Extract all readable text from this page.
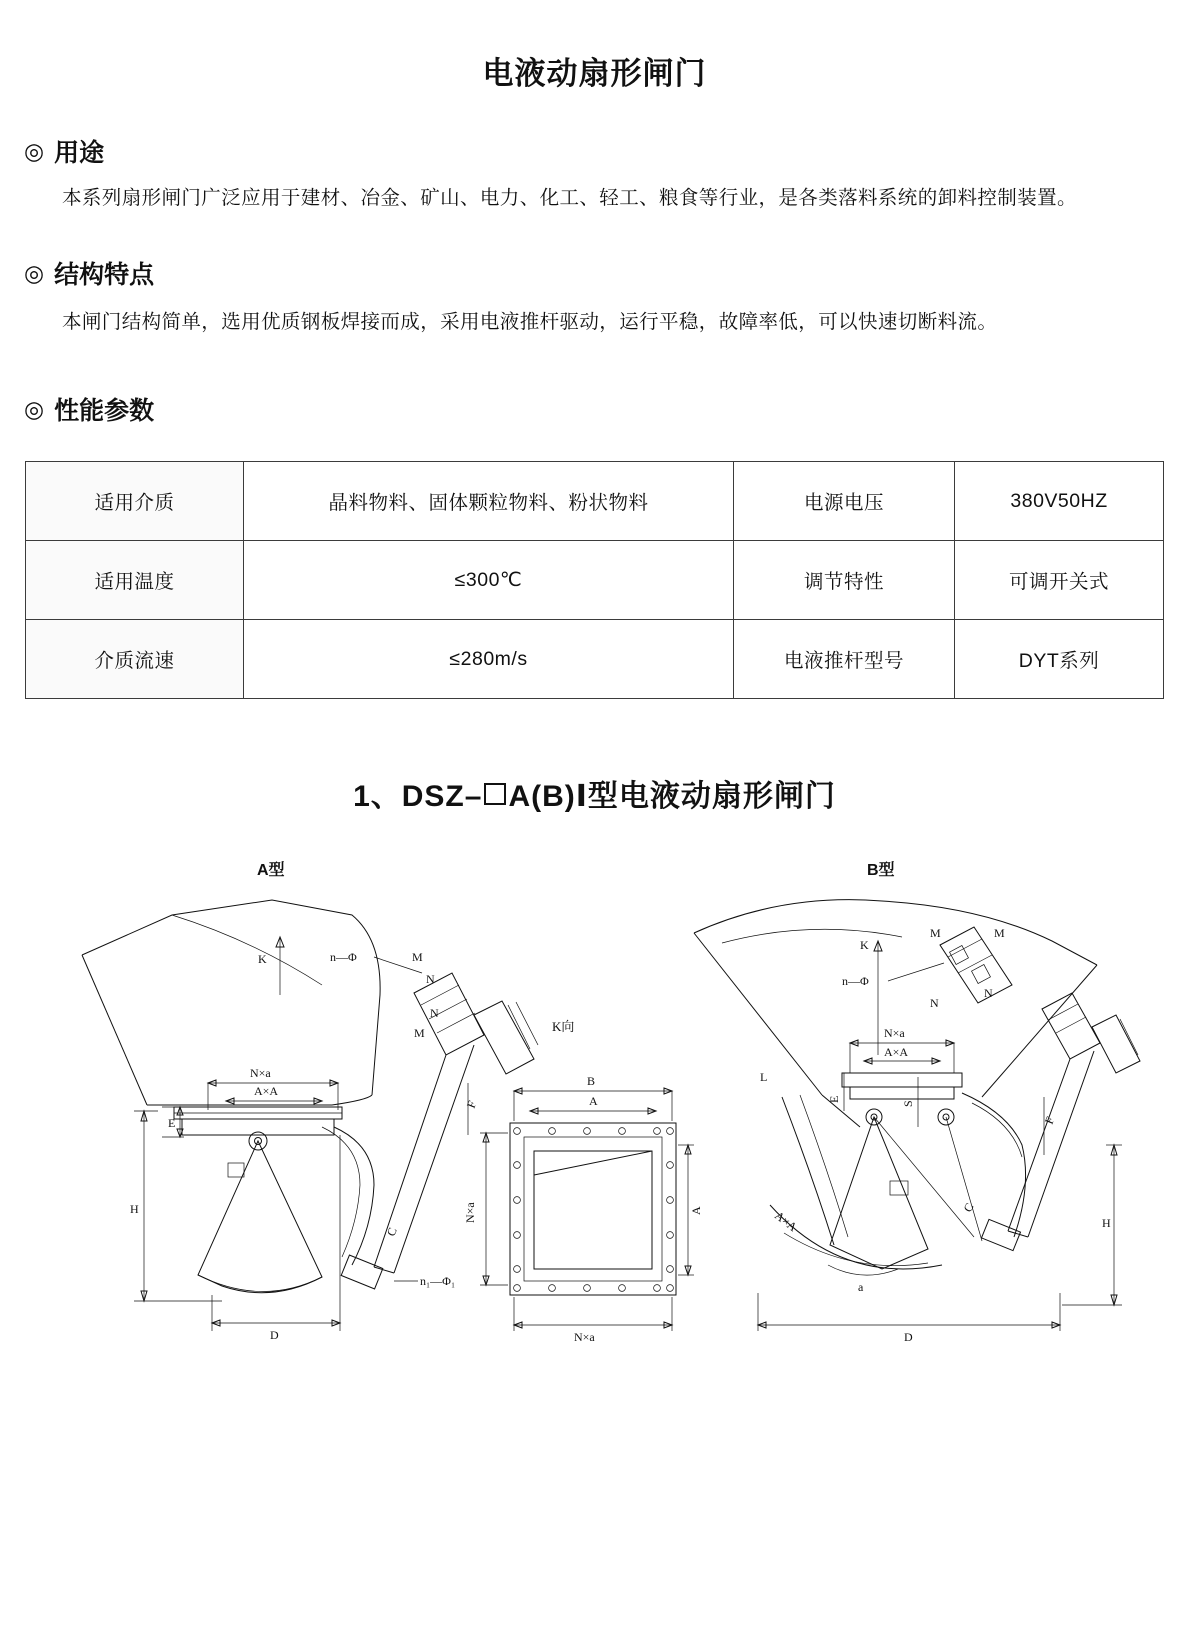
电液动扇形闸门
◎ 用途
本系列扇形闸门广泛应用于建材、冶金、矿山、电力、化工、轻工、粮食等行业，是各类落料系统的卸料控制装置。
◎ 结构特点
本闸门结构简单，选用优质钢板焊接而成，采用电液推杆驱动，运行平稳，故障率低，可以快速切断料流。
◎ 性能参数
适用介质	晶料物料、固体颗粒物料、粉状物料	电源电压	380V50HZ
适用温度	≤300℃	调节特性	可调开关式
介质流速	≤280m/s	电液推杆型号	DYT系列
1、DSZ– A(B)Ⅰ型电液动扇形闸门
A型	B型
K	n—Φ	M
N
N
M
N×a
A×A
E
H
D
C
F
n₁—Φ₁
K向
B
A
N×a	A
N×a
M	M
N
N
K
n—Φ
N×a
A×A
E
S
L
A×A
C
F
H
a
D
